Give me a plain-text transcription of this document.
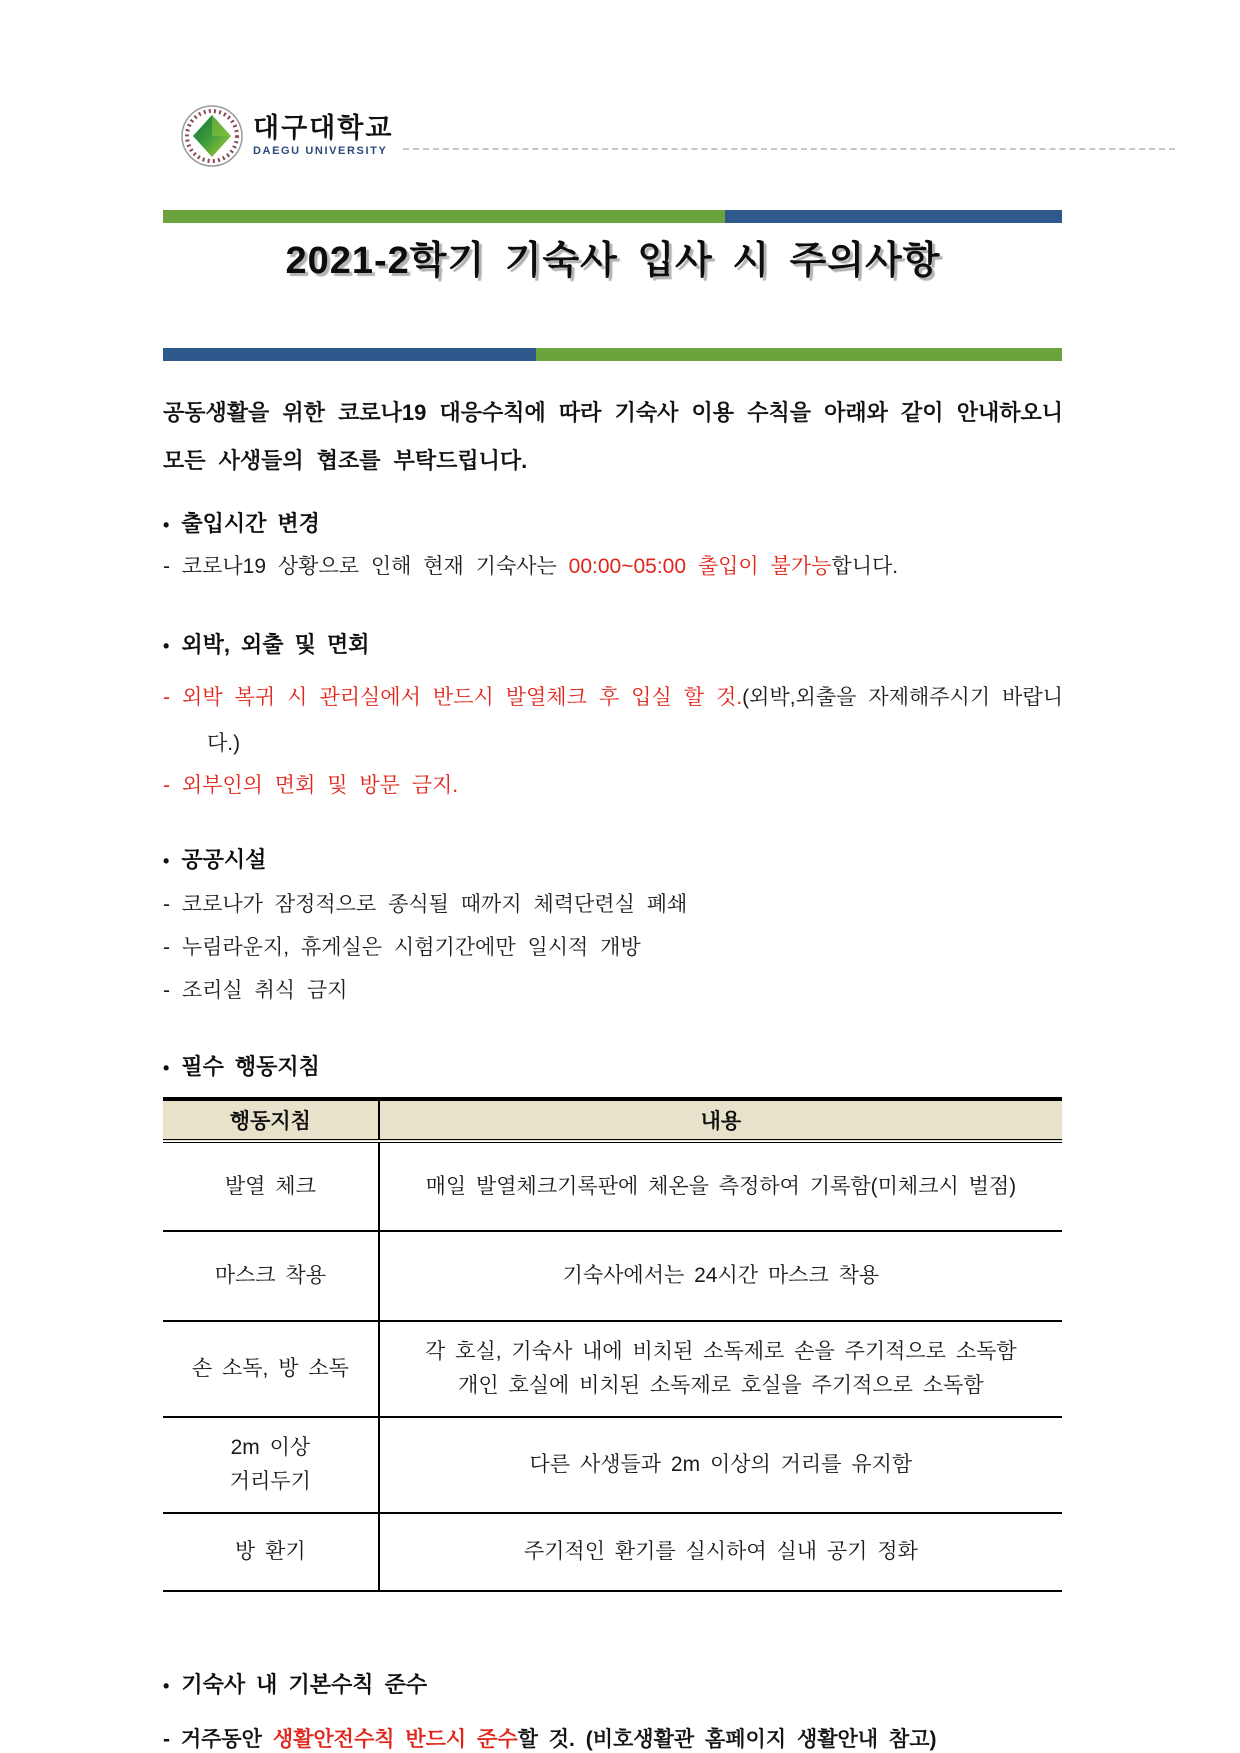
대구대학교
DAEGU UNIVERSITY
2021-2학기 기숙사 입사 시 주의사항

공동생활을 위한 코로나19 대응수칙에 따라 기숙사 이용 수칙을 아래와 같이 안내하오니 모든 사생들의 협조를 부탁드립니다.

• 출입시간 변경
- 코로나19 상황으로 인해 현재 기숙사는 00:00~05:00 출입이 불가능합니다.
• 외박, 외출 및 면회
- 외박 복귀 시 관리실에서 반드시 발열체크 후 입실 할 것.(외박,외출을 자제해주시기 바랍니다.)
- 외부인의 면회 및 방문 금지.
• 공공시설
- 코로나가 잠정적으로 종식될 때까지 체력단련실 폐쇄
- 누림라운지, 휴게실은 시험기간에만 일시적 개방
- 조리실 취식 금지
• 필수 행동지침
행동지침	내용
발열 체크	매일 발열체크기록판에 체온을 측정하여 기록함(미체크시 벌점)
마스크 착용	기숙사에서는 24시간 마스크 착용
손 소독, 방 소독	각 호실, 기숙사 내에 비치된 소독제로 손을 주기적으로 소독함
개인 호실에 비치된 소독제로 호실을 주기적으로 소독함

2m 이상
거리두기	다른 사생들과 2m 이상의 거리를 유지함
방 환기	주기적인 환기를 실시하여 실내 공기 정화
• 기숙사 내 기본수칙 준수
- 거주동안 생활안전수칙 반드시 준수할 것. (비호생활관 홈페이지 생활안내 참고)
